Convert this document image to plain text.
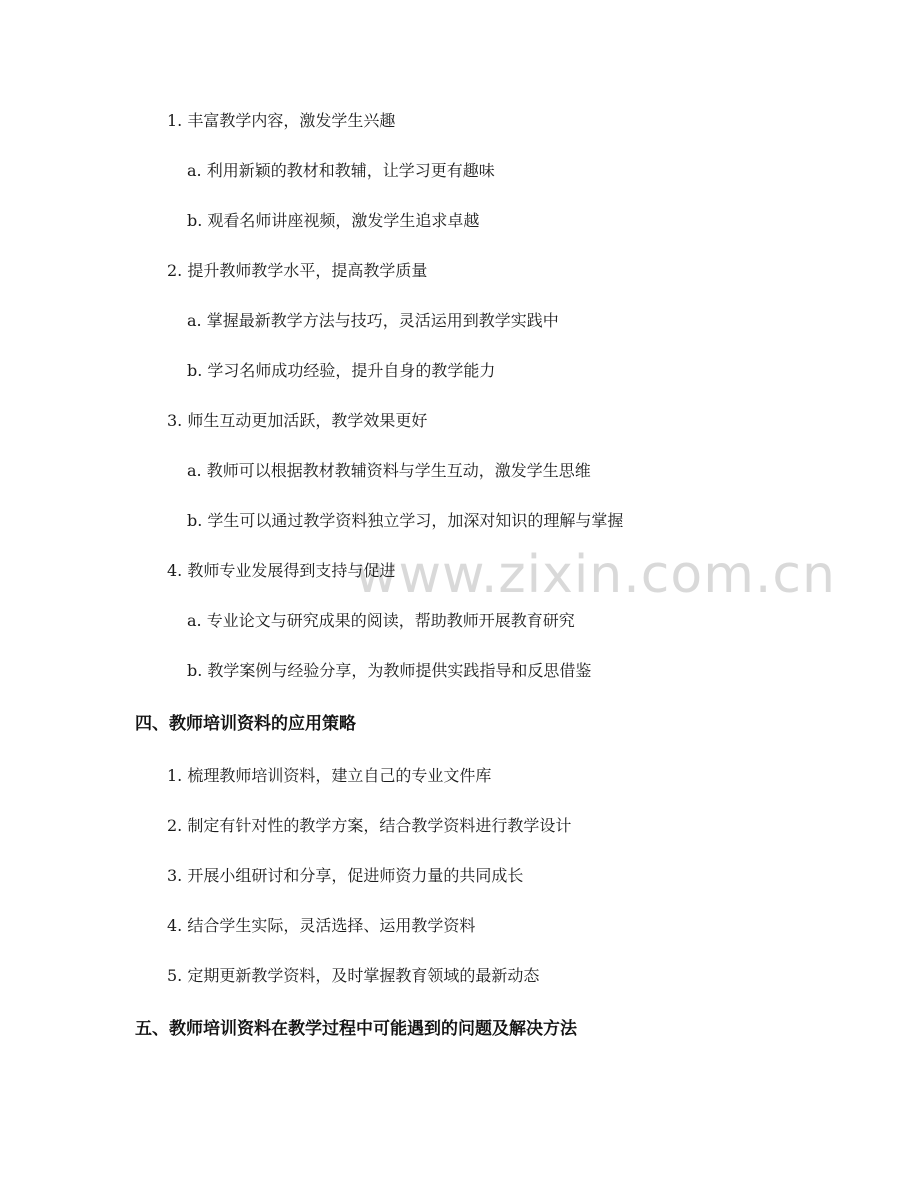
www.zixin.com.cn
1. 丰富教学内容，激发学生兴趣
a. 利用新颖的教材和教辅，让学习更有趣味
b. 观看名师讲座视频，激发学生追求卓越
2. 提升教师教学水平，提高教学质量
a. 掌握最新教学方法与技巧，灵活运用到教学实践中
b. 学习名师成功经验，提升自身的教学能力
3. 师生互动更加活跃，教学效果更好
a. 教师可以根据教材教辅资料与学生互动，激发学生思维
b. 学生可以通过教学资料独立学习，加深对知识的理解与掌握
4. 教师专业发展得到支持与促进
a. 专业论文与研究成果的阅读，帮助教师开展教育研究
b. 教学案例与经验分享，为教师提供实践指导和反思借鉴
四、教师培训资料的应用策略
1. 梳理教师培训资料，建立自己的专业文件库
2. 制定有针对性的教学方案，结合教学资料进行教学设计
3. 开展小组研讨和分享，促进师资力量的共同成长
4. 结合学生实际，灵活选择、运用教学资料
5. 定期更新教学资料，及时掌握教育领域的最新动态
五、教师培训资料在教学过程中可能遇到的问题及解决方法
